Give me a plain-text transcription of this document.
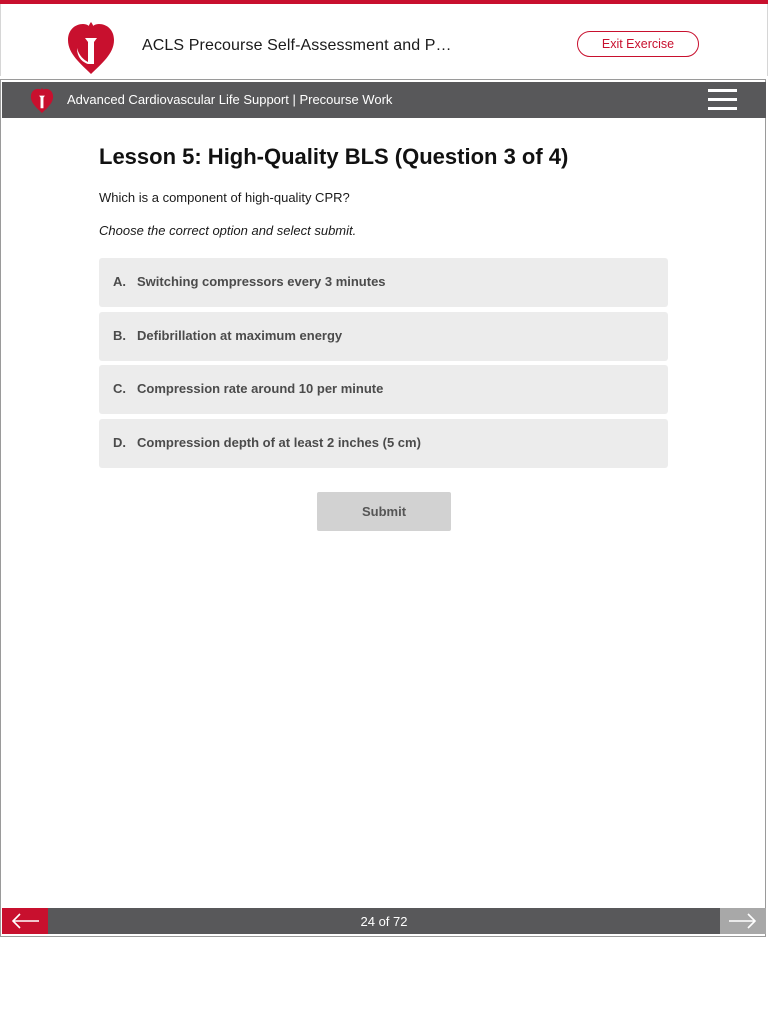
ACLS Precourse Self-Assessment and P…	Exit Exercise
Advanced Cardiovascular Life Support | Precourse Work
Lesson 5: High-Quality BLS (Question 3 of 4)
Which is a component of high-quality CPR?
Choose the correct option and select submit.
A. Switching compressors every 3 minutes
B. Defibrillation at maximum energy
C. Compression rate around 10 per minute
D. Compression depth of at least 2 inches (5 cm)
Submit
24 of 72
